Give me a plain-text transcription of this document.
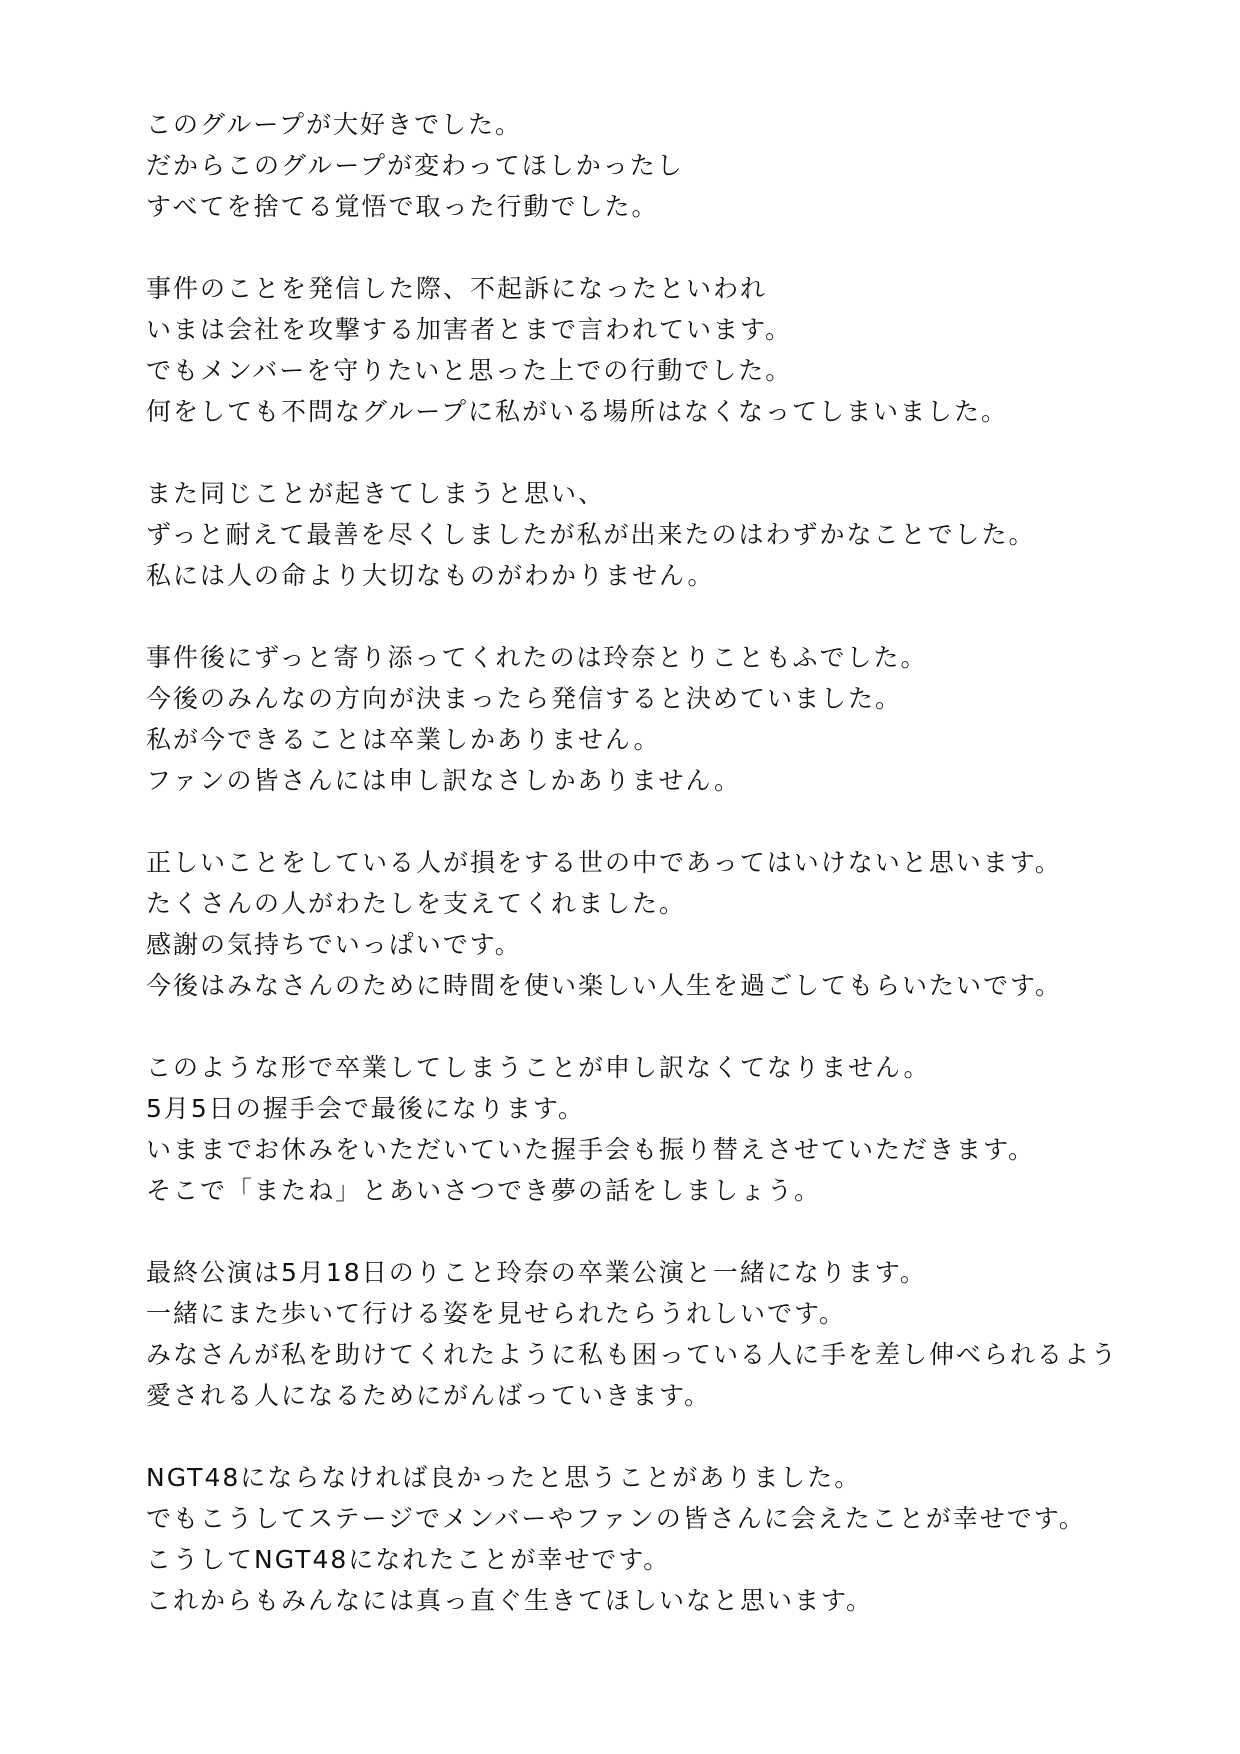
このグループが大好きでした。
だからこのグループが変わってほしかったし
すべてを捨てる覚悟で取った行動でした。
事件のことを発信した際、不起訴になったといわれ
いまは会社を攻撃する加害者とまで言われています。
でもメンバーを守りたいと思った上での行動でした。
何をしても不問なグループに私がいる場所はなくなってしまいました。
また同じことが起きてしまうと思い、
ずっと耐えて最善を尽くしましたが私が出来たのはわずかなことでした。
私には人の命より大切なものがわかりません。
事件後にずっと寄り添ってくれたのは玲奈とりこともふでした。
今後のみんなの方向が決まったら発信すると決めていました。
私が今できることは卒業しかありません。
ファンの皆さんには申し訳なさしかありません。
正しいことをしている人が損をする世の中であってはいけないと思います。
たくさんの人がわたしを支えてくれました。
感謝の気持ちでいっぱいです。
今後はみなさんのために時間を使い楽しい人生を過ごしてもらいたいです。
このような形で卒業してしまうことが申し訳なくてなりません。
5月5日の握手会で最後になります。
いままでお休みをいただいていた握手会も振り替えさせていただきます。
そこで「またね」とあいさつでき夢の話をしましょう。
最終公演は5月18日のりこと玲奈の卒業公演と一緒になります。
一緒にまた歩いて行ける姿を見せられたらうれしいです。
みなさんが私を助けてくれたように私も困っている人に手を差し伸べられるよう
愛される人になるためにがんばっていきます。
NGT48にならなければ良かったと思うことがありました。
でもこうしてステージでメンバーやファンの皆さんに会えたことが幸せです。
こうしてNGT48になれたことが幸せです。
これからもみんなには真っ直ぐ生きてほしいなと思います。
